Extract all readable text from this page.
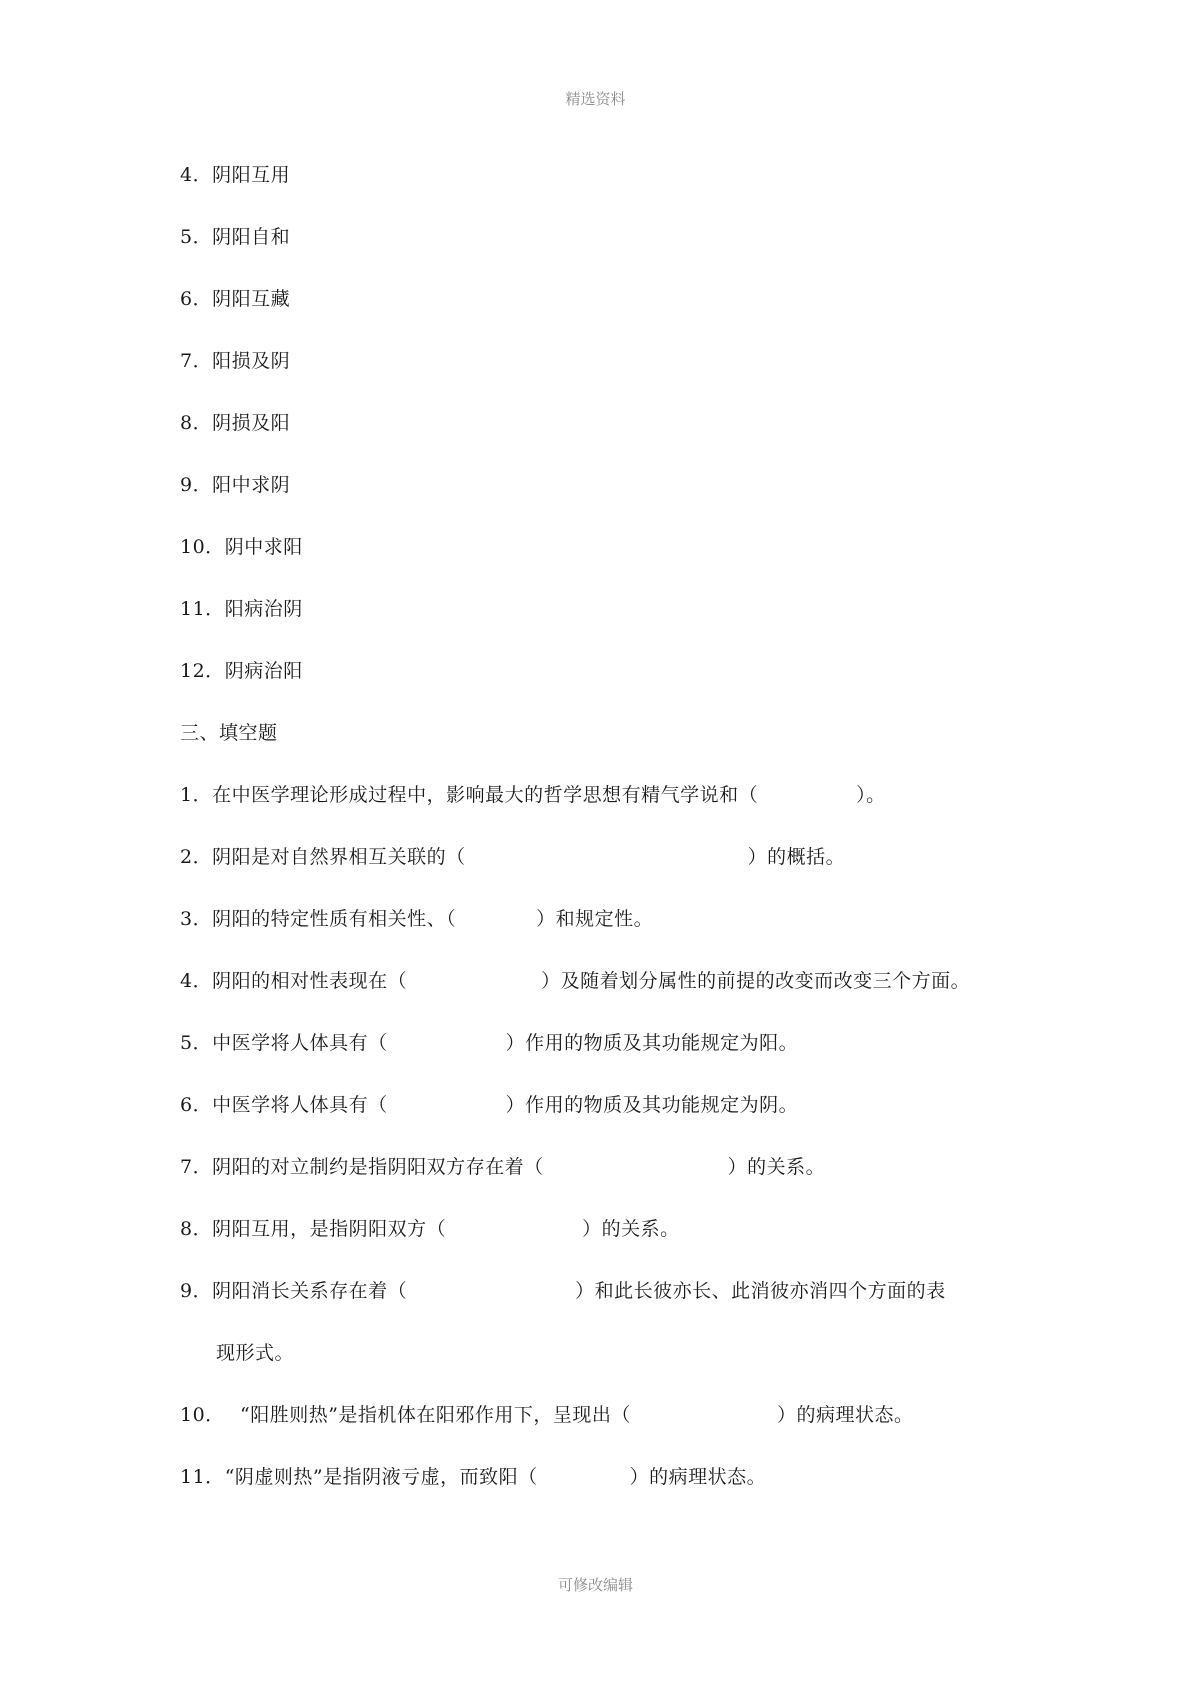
精选资料
4．阴阳互用
5．阴阳自和
6．阴阳互藏
7．阳损及阴
8．阴损及阳
9．阳中求阴
10．阴中求阳
11．阳病治阴
12．阴病治阳
三、填空题
1．在中医学理论形成过程中，影响最大的哲学思想有精气学说和（	）。
2．阴阳是对自然界相互关联的（	）的概括。
3．阴阳的特定性质有相关性、（	）和规定性。
4．阴阳的相对性表现在（	）及随着划分属性的前提的改变而改变三个方面。
5．中医学将人体具有（	）作用的物质及其功能规定为阳。
6．中医学将人体具有（	）作用的物质及其功能规定为阴。
7．阴阳的对立制约是指阴阳双方存在着（	）的关系。
8．阴阳互用，是指阴阳双方（	）的关系。
9．阴阳消长关系存在着（	）和此长彼亦长、此消彼亦消四个方面的表
现形式。
10． “阳胜则热”是指机体在阳邪作用下，呈现出（	）的病理状态。
11．“阴虚则热”是指阴液亏虚，而致阳（	）的病理状态。
可修改编辑
